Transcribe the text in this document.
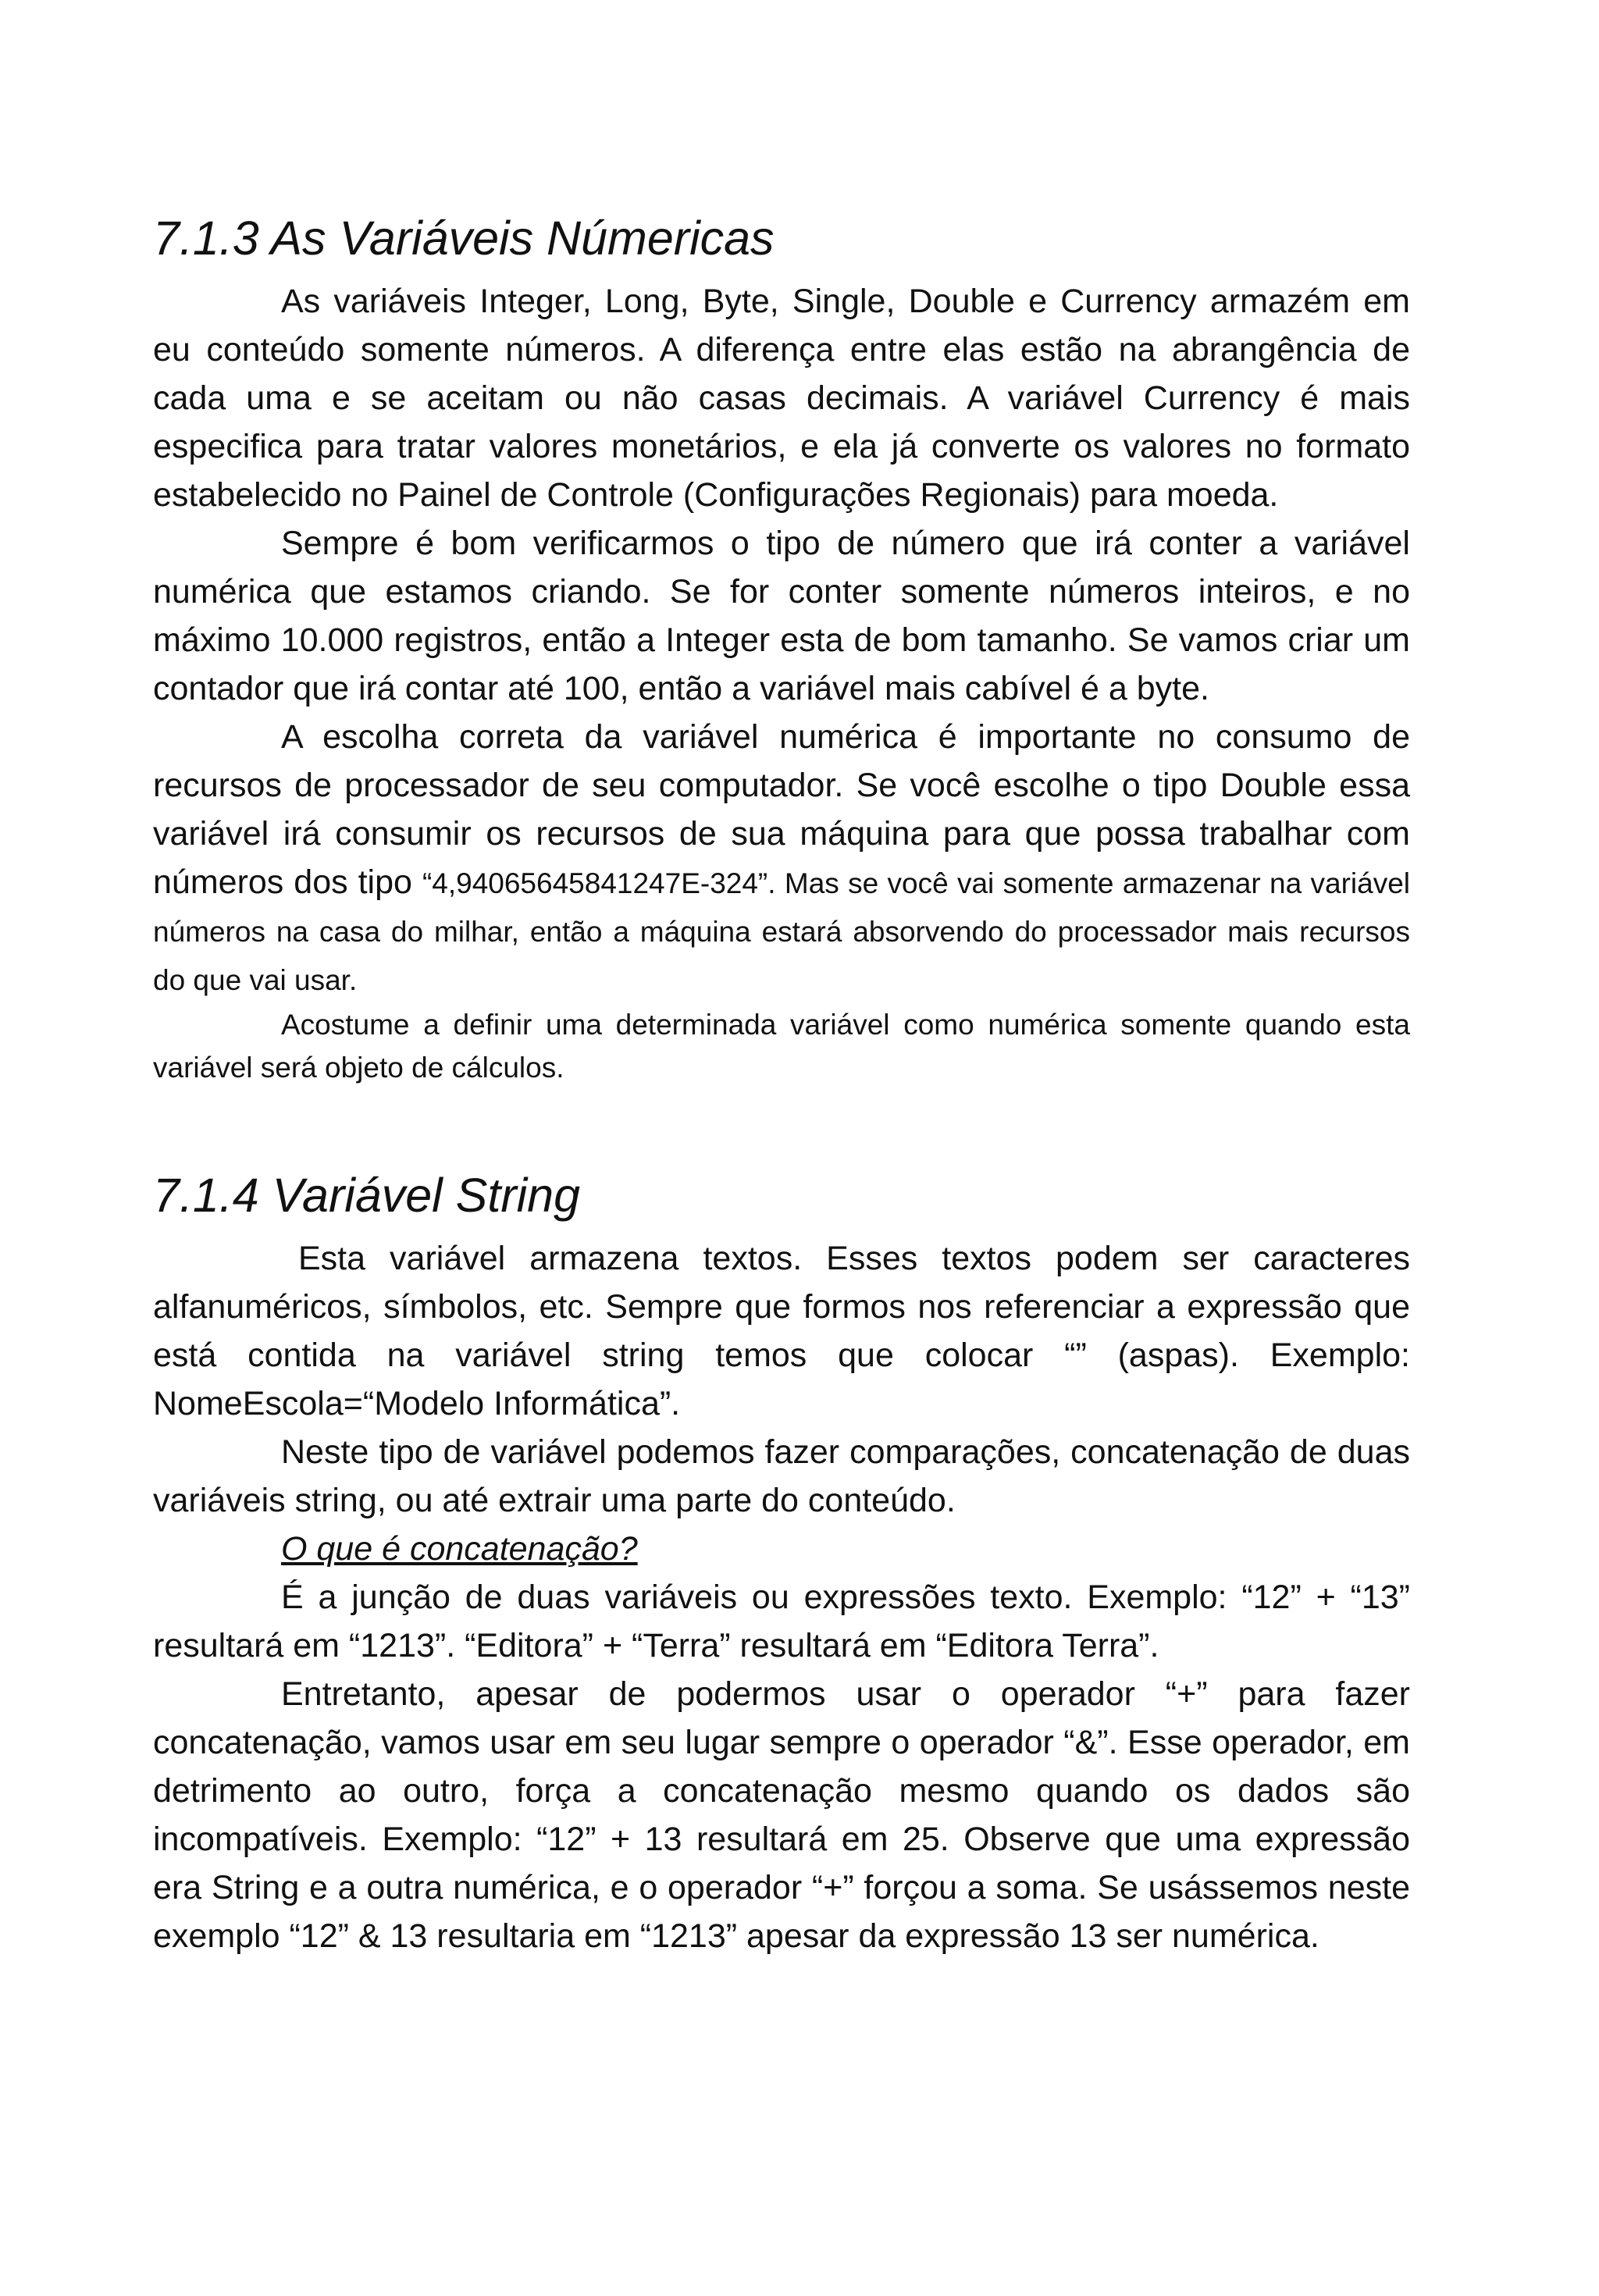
7.1.3 As Variáveis Númericas

As variáveis Integer, Long, Byte, Single, Double e Currency armazém em eu conteúdo somente números. A diferença entre elas estão na abrangência de cada uma e se aceitam ou não casas decimais. A variável Currency é mais especifica para tratar valores monetários, e ela já converte os valores no formato estabelecido no Painel de Controle (Configurações Regionais) para moeda.

Sempre é bom verificarmos o tipo de número que irá conter a variável numérica que estamos criando. Se for conter somente números inteiros, e no máximo 10.000 registros, então a Integer esta de bom tamanho. Se vamos criar um contador que irá contar até 100, então a variável mais cabível é a byte.

A escolha correta da variável numérica é importante no consumo de recursos de processador de seu computador. Se você escolhe o tipo Double essa variável irá consumir os recursos de sua máquina para que possa trabalhar com números dos tipo “4,94065645841247E-324”. Mas se você vai somente armazenar na variável números na casa do milhar, então a máquina estará absorvendo do processador mais recursos do que vai usar.

Acostume a definir uma determinada variável como numérica somente quando esta variável será objeto de cálculos.

7.1.4 Variável String

Esta variável armazena textos. Esses textos podem ser caracteres alfanuméricos, símbolos, etc. Sempre que formos nos referenciar a expressão que está contida na variável string temos que colocar “” (aspas). Exemplo: NomeEscola=“Modelo Informática”.

Neste tipo de variável podemos fazer comparações, concatenação de duas variáveis string, ou até extrair uma parte do conteúdo.

O que é concatenação?

É a junção de duas variáveis ou expressões texto. Exemplo: “12” + “13” resultará em “1213”. “Editora” + “Terra” resultará em “Editora Terra”.

Entretanto, apesar de podermos usar o operador “+” para fazer concatenação, vamos usar em seu lugar sempre o operador “&”. Esse operador, em detrimento ao outro, força a concatenação mesmo quando os dados são incompatíveis. Exemplo: “12” + 13 resultará em 25. Observe que uma expressão era String e a outra numérica, e o operador “+” forçou a soma. Se usássemos neste exemplo “12” & 13 resultaria em “1213” apesar da expressão 13 ser numérica.
